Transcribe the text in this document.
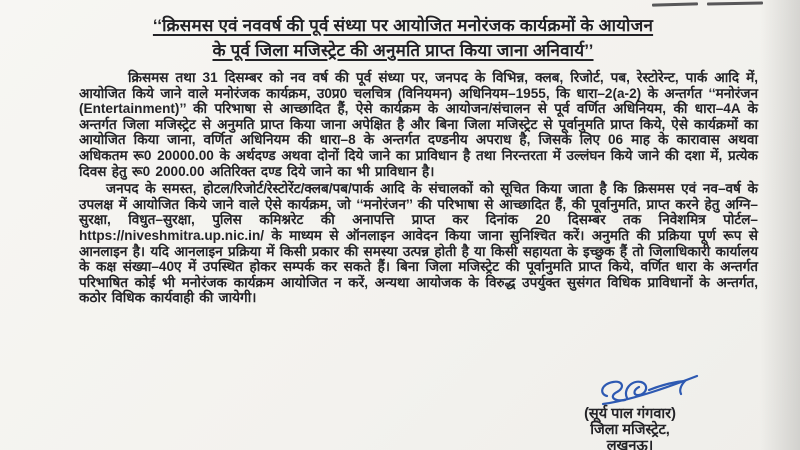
‘‘क्रिसमस एवं नववर्ष की पूर्व संध्या पर आयोजित मनोरंजक कार्यक्रमों के आयोजन
के पूर्व जिला मजिस्ट्रेट की अनुमति प्राप्त किया जाना अनिवार्य’’
क्रिसमस तथा 31 दिसम्बर को नव वर्ष की पूर्व संध्या पर, जनपद के विभिन्न, क्लब, रिजोर्ट, पब, रेस्टोरेन्ट, पार्क आदि में, आयोजित किये जाने वाले मनोरंजक कार्यक्रम, उ0प्र0 चलचित्र (विनियमन) अधिनियम–1955, कि धारा–2(a-2) के अन्तर्गत ‘‘मनोरंजन (Entertainment)’’ की परिभाषा से आच्छादित हैं, ऐसे कार्यक्रम के आयोजन/संचालन से पूर्व वर्णित अधिनियम, की धारा–4A के अन्तर्गत जिला मजिस्ट्रेट से अनुमति प्राप्त किया जाना अपेक्षित है और बिना जिला मजिस्ट्रेट से पूर्वानुमति प्राप्त किये, ऐसे कार्यक्रमों का आयोजित किया जाना, वर्णित अधिनियम की धारा–8 के अन्तर्गत दण्डनीय अपराध है, जिसके लिए 06 माह के कारावास अथवा अधिकतम रू0 20000.00 के अर्थदण्ड अथवा दोनों दिये जाने का प्राविधान है तथा निरन्तरता में उल्लंघन किये जाने की दशा में, प्रत्येक दिवस हेतु रू0 2000.00 अतिरिक्त दण्ड दिये जाने का भी प्राविधान है।
जनपद के समस्त, होटल/रिजोर्ट/रेस्टोरेंट/क्लब/पब/पार्क आदि के संचालकों को सूचित किया जाता है कि क्रिसमस एवं नव–वर्ष के उपलक्ष में आयोजित किये जाने वाले ऐसे कार्यक्रम, जो ‘‘मनोरंजन’’ की परिभाषा से आच्छादित हैं, की पूर्वानुमति, प्राप्त करने हेतु अग्नि–सुरक्षा, विधुत–सुरक्षा, पुलिस कमिश्नरेट की अनापत्ति प्राप्त कर दिनांक 20 दिसम्बर तक निवेशमित्र पोर्टल–https://niveshmitra.up.nic.in/ के माध्यम से ऑनलाइन आवेदन किया जाना सुनिश्चित करें। अनुमति की प्रक्रिया पूर्ण रूप से आनलाइन है। यदि आनलाइन प्रक्रिया में किसी प्रकार की समस्या उत्पन्न होती है या किसी सहायता के इच्छुक हैं तो जिलाधिकारी कार्यालय के कक्ष संख्या–40ए में उपस्थित होकर सम्पर्क कर सकते हैं। बिना जिला मजिस्ट्रेट की पूर्वानुमति प्राप्त किये, वर्णित धारा के अन्तर्गत परिभाषित कोई भी मनोरंजक कार्यक्रम आयोजित न करें, अन्यथा आयोजक के विरुद्ध उपर्युक्त सुसंगत विधिक प्राविधानों के अन्तर्गत, कठोर विधिक कार्यवाही की जायेगी।
(सूर्य पाल गंगवार)
जिला मजिस्ट्रेट,
लखनऊ।
